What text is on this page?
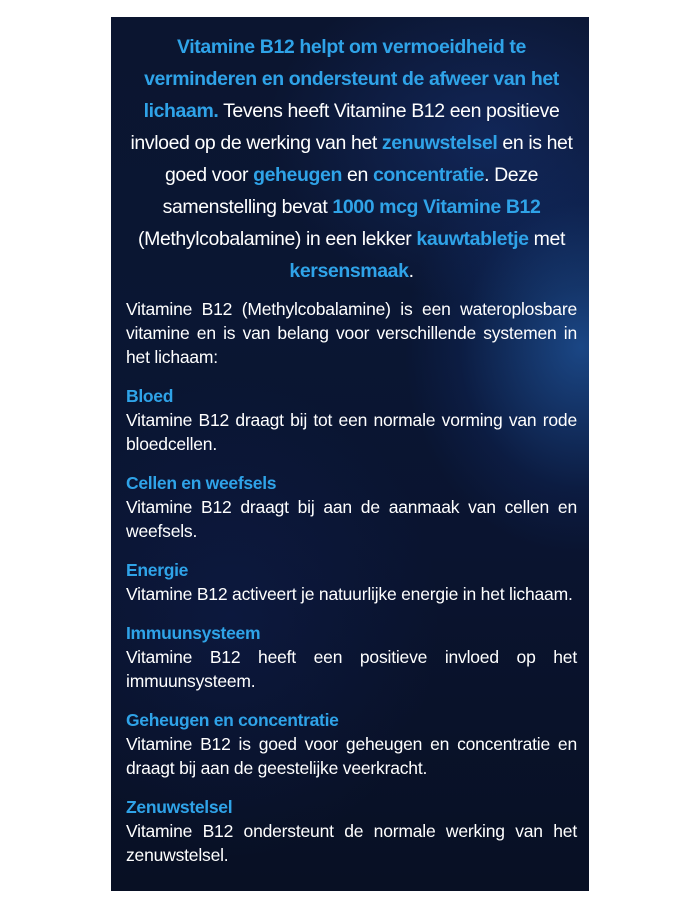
Vitamine B12 helpt om vermoeidheid te verminderen en ondersteunt de afweer van het lichaam. Tevens heeft Vitamine B12 een positieve invloed op de werking van het zenuwstelsel en is het goed voor geheugen en concentratie. Deze samenstelling bevat 1000 mcg Vitamine B12 (Methylcobalamine) in een lekker kauwtabletje met kersensmaak.

Vitamine B12 (Methylcobalamine) is een wateroplosbare vitamine en is van belang voor verschillende systemen in het lichaam:

Bloed

Vitamine B12 draagt bij tot een normale vorming van rode bloedcellen.

Cellen en weefsels

Vitamine B12 draagt bij aan de aanmaak van cellen en weefsels.

Energie

Vitamine B12 activeert je natuurlijke energie in het lichaam.

Immuunsysteem

Vitamine B12 heeft een positieve invloed op het immuunsysteem.

Geheugen en concentratie

Vitamine B12 is goed voor geheugen en concentratie en draagt bij aan de geestelijke veerkracht.

Zenuwstelsel

Vitamine B12 ondersteunt de normale werking van het zenuwstelsel.
